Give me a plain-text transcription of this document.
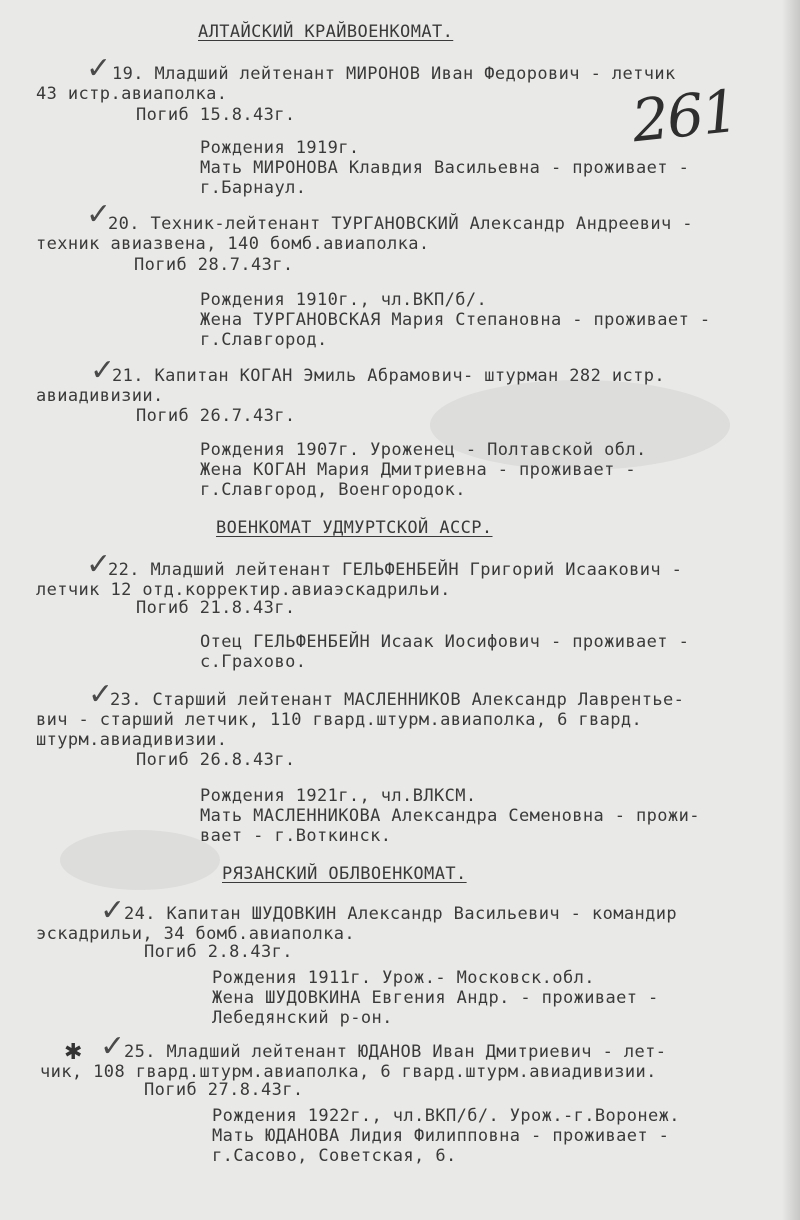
261
АЛТАЙСКИЙ КРАЙВОЕНКОМАТ.
✓ 19. Младший лейтенант МИРОНОВ Иван Федорович - летчик
43 истр.авиаполка.
Погиб 15.8.43г.
Рождения 1919г.
Мать МИРОНОВА Клавдия Васильевна - проживает -
г.Барнаул.
✓
20. Техник-лейтенант ТУРГАНОВСКИЙ Александр Андреевич -
техник авиазвена, 140 бомб.авиаполка.
Погиб 28.7.43г.
Рождения 1910г., чл.ВКП/б/.
Жена ТУРГАНОВСКАЯ Мария Степановна - проживает -
г.Славгород.
✓
21. Капитан КОГАН Эмиль Абрамович- штурман 282 истр.
авиадивизии.
Погиб 26.7.43г.
Рождения 1907г. Уроженец - Полтавской обл.
Жена КОГАН Мария Дмитриевна - проживает -
г.Славгород, Военгородок.
ВОЕНКОМАТ УДМУРТСКОЙ АССР.
✓
22. Младший лейтенант ГЕЛЬФЕНБЕЙН Григорий Исаакович -
летчик 12 отд.корректир.авиаэскадрильи.
Погиб 21.8.43г.
Отец ГЕЛЬФЕНБЕЙН Исаак Иосифович - проживает -
с.Грахово.
✓
23. Старший лейтенант МАСЛЕННИКОВ Александр Лаврентье-
вич - старший летчик, 110 гвард.штурм.авиаполка, 6 гвард.
штурм.авиадивизии.
Погиб 26.8.43г.
Рождения 1921г., чл.ВЛКСМ.
Мать МАСЛЕННИКОВА Александра Семеновна - прожи-
вает - г.Воткинск.
РЯЗАНСКИЙ ОБЛВОЕНКОМАТ.
✓
24. Капитан ШУДОВКИН Александр Васильевич - командир
эскадрильи, 34 бомб.авиаполка.
Погиб 2.8.43г.
Рождения 1911г. Урож.- Московск.обл.
Жена ШУДОВКИНА Евгения Андр. - проживает -
Лебедянский р-он.
✱ ✓
25. Младший лейтенант ЮДАНОВ Иван Дмитриевич - лет-
чик, 108 гвард.штурм.авиаполка, 6 гвард.штурм.авиадивизии.
Погиб 27.8.43г.
Рождения 1922г., чл.ВКП/б/. Урож.-г.Воронеж.
Мать ЮДАНОВА Лидия Филипповна - проживает -
г.Сасово, Советская, 6.
